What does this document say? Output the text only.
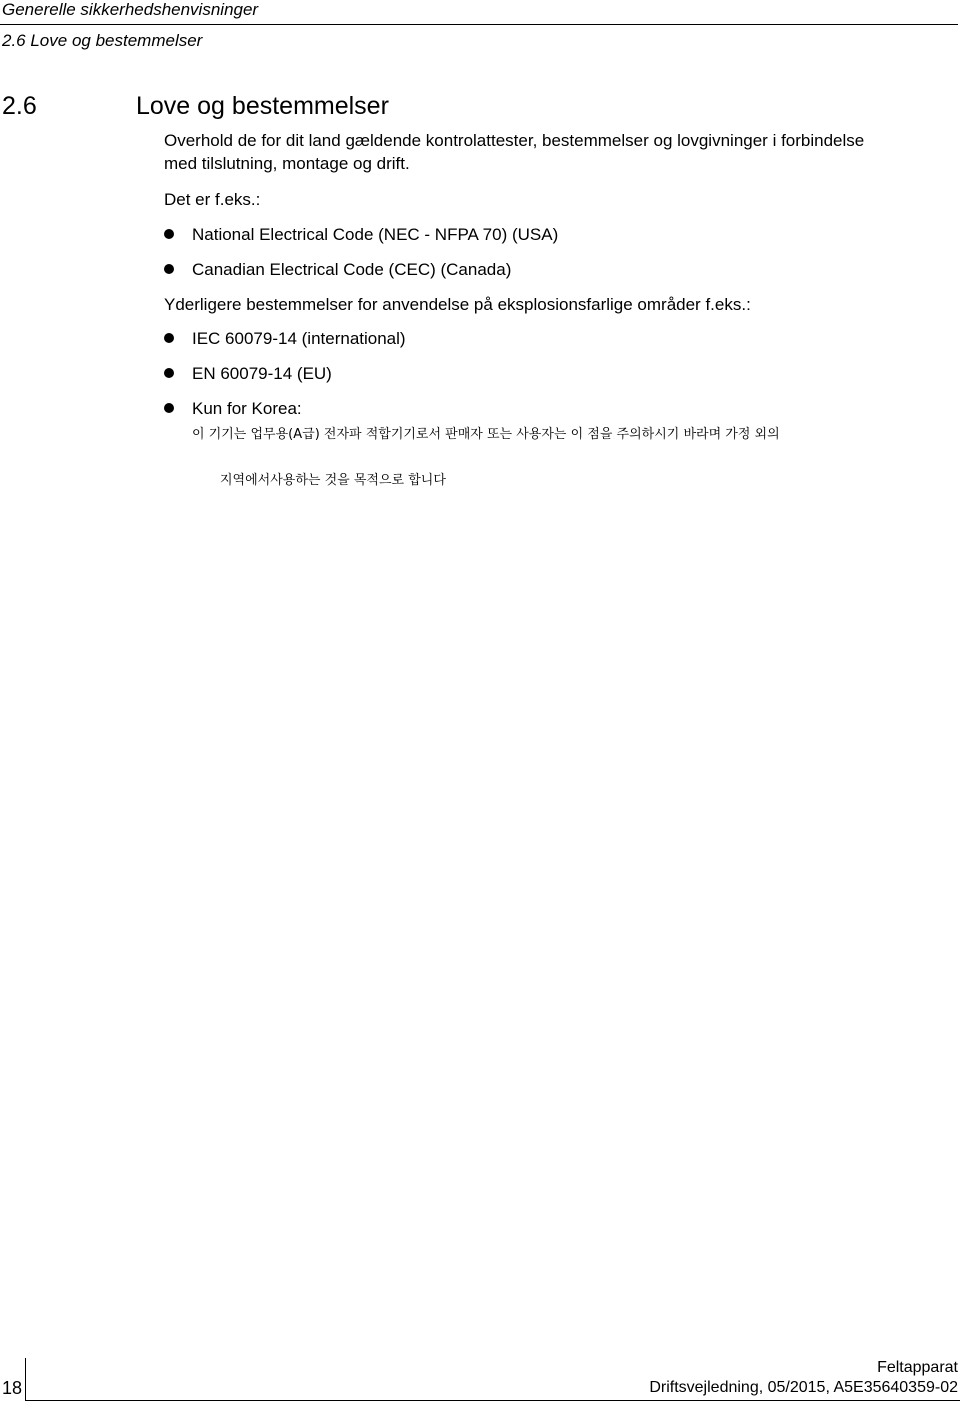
Generelle sikkerhedshenvisninger
2.6 Love og bestemmelser
2.6	Love og bestemmelser
Overhold de for dit land gældende kontrolattester, bestemmelser og lovgivninger i forbindelse
med tilslutning, montage og drift.
Det er f.eks.:
National Electrical Code (NEC - NFPA 70) (USA)
Canadian Electrical Code (CEC) (Canada)
Yderligere bestemmelser for anvendelse på eksplosionsfarlige områder f.eks.:
IEC 60079-14 (international)
EN 60079-14 (EU)
Kun for Korea:
이 기기는 업무용(A급) 전자파 적합기기로서 판매자 또는 사용자는 이 점을 주의하시기 바라며 가정 외의
지역에서사용하는 것을 목적으로 합니다
18
Feltapparat
Driftsvejledning, 05/2015, A5E35640359-02
